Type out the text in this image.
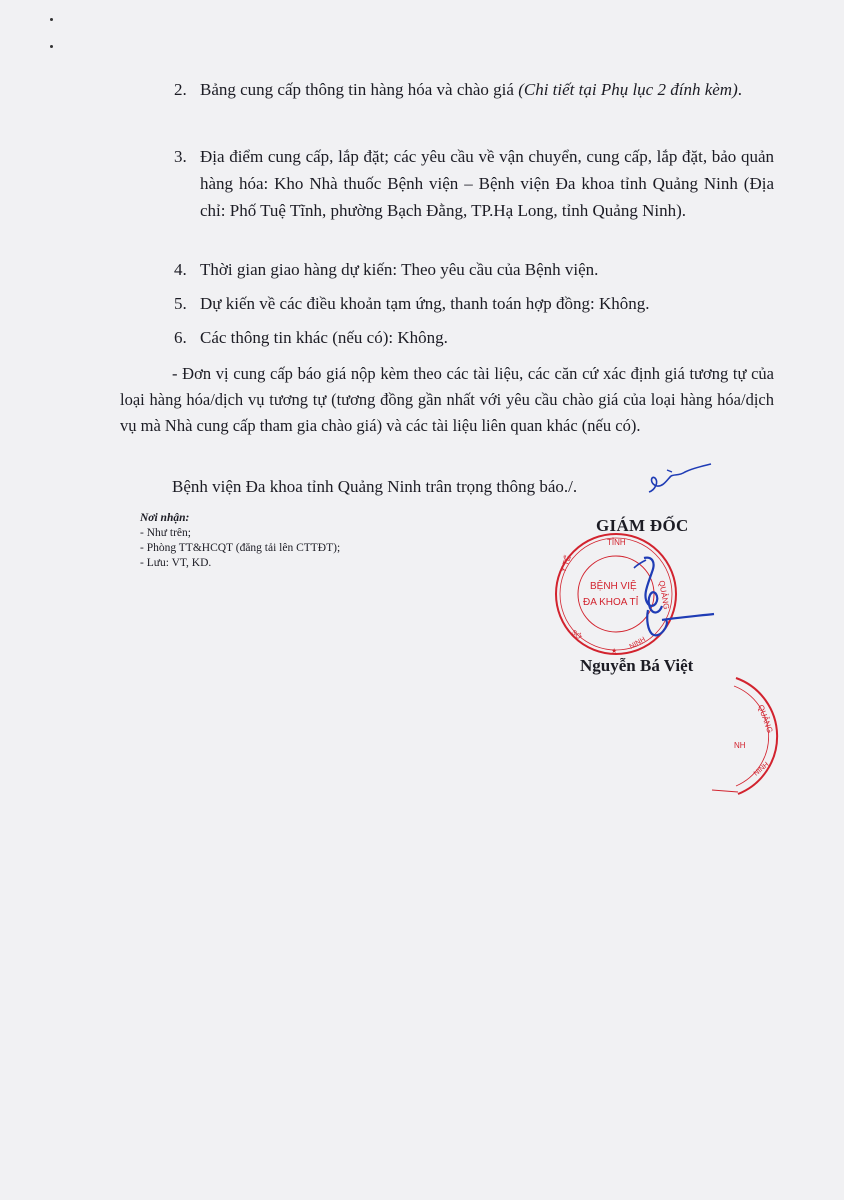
2. Bảng cung cấp thông tin hàng hóa và chào giá (Chi tiết tại Phụ lục 2 đính kèm).
3. Địa điểm cung cấp, lắp đặt; các yêu cầu về vận chuyển, cung cấp, lắp đặt, bảo quản hàng hóa: Kho Nhà thuốc Bệnh viện – Bệnh viện Đa khoa tỉnh Quảng Ninh (Địa chỉ: Phố Tuệ Tĩnh, phường Bạch Đằng, TP.Hạ Long, tỉnh Quảng Ninh).
4. Thời gian giao hàng dự kiến: Theo yêu cầu của Bệnh viện.
5. Dự kiến về các điều khoản tạm ứng, thanh toán hợp đồng: Không.
6. Các thông tin khác (nếu có): Không.
- Đơn vị cung cấp báo giá nộp kèm theo các tài liệu, các căn cứ xác định giá tương tự của loại hàng hóa/dịch vụ tương tự (tương đồng gần nhất với yêu cầu chào giá của loại hàng hóa/dịch vụ mà Nhà cung cấp tham gia chào giá) và các tài liệu liên quan khác (nếu có).
Bệnh viện Đa khoa tỉnh Quảng Ninh trân trọng thông báo./.
Nơi nhận:
- Như trên;
- Phòng TT&HCQT (đăng tải lên CTTĐT);
- Lưu: VT, KD.
GIÁM ĐỐC
TỈNH
QUẢNG
Y TẾ
BỆNH VIỆ
ĐA KHOA TỈ
SỞ
NINH
★
Nguyễn Bá Việt
QUẢNG
NH
NINH
